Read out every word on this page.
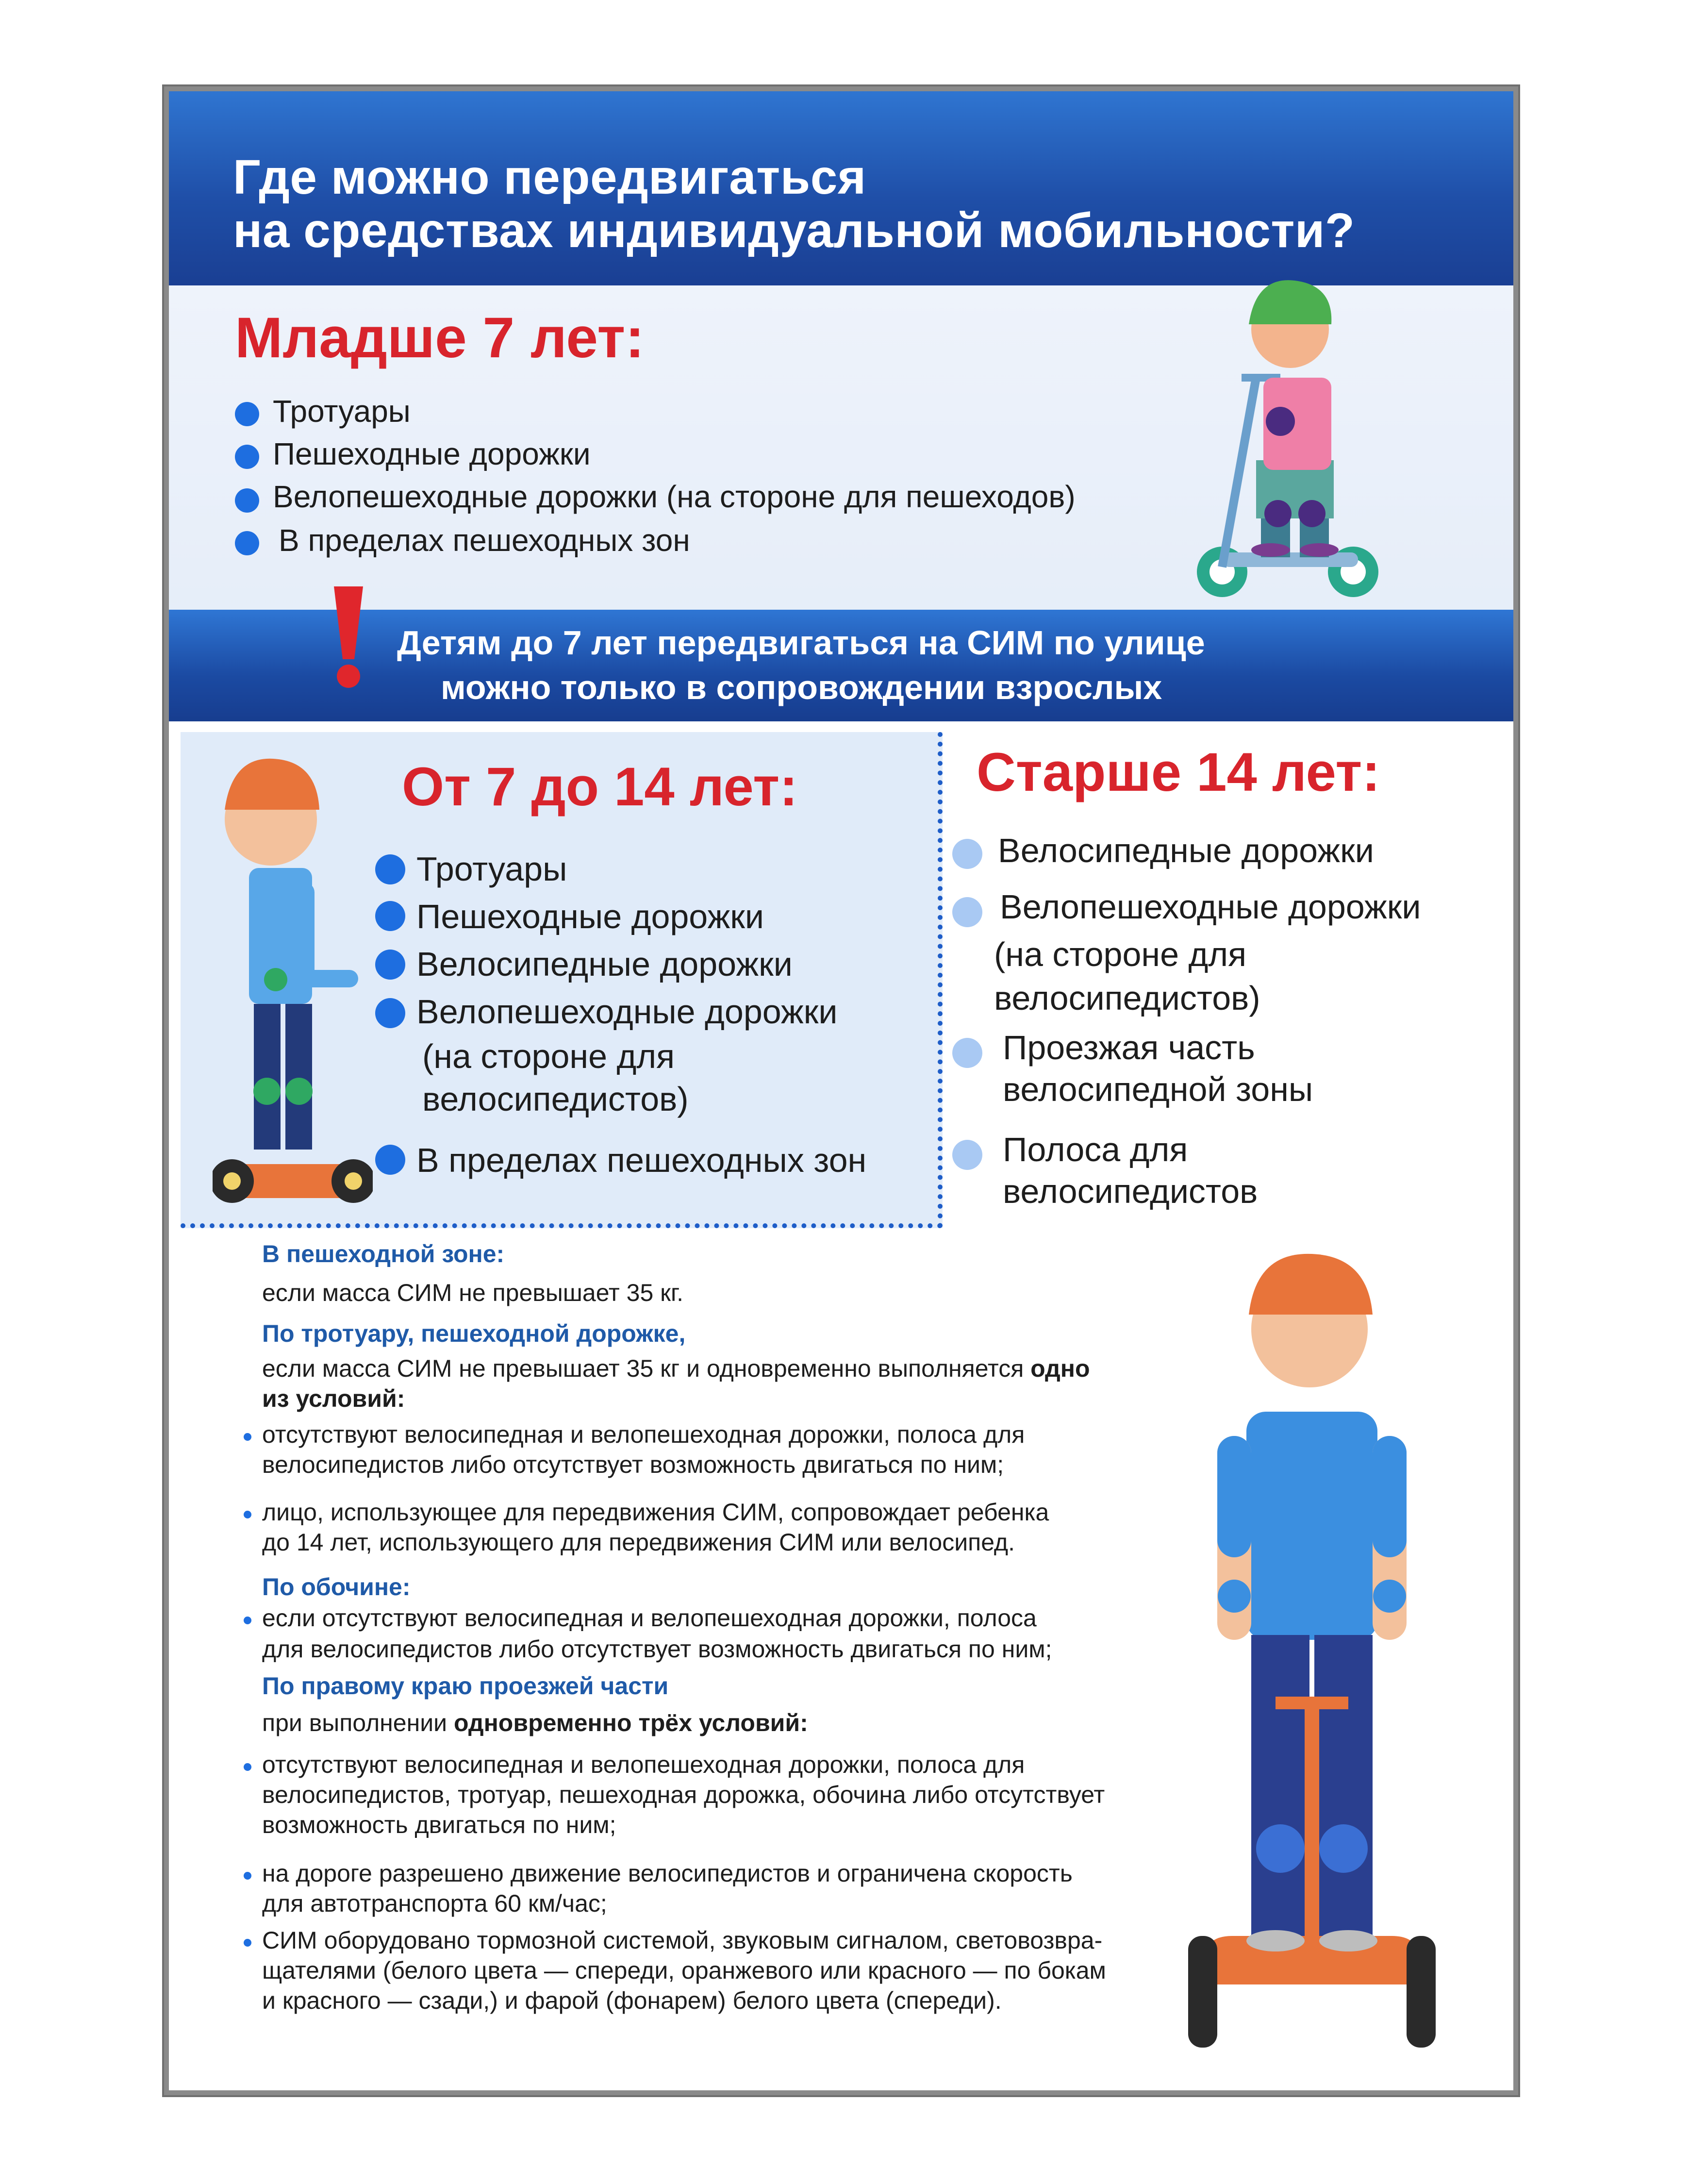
Где можно передвигаться
на средствах индивидуальной мобильности?
Младше 7 лет:
Тротуары
Пешеходные дорожки
Велопешеходные дорожки (на стороне для пешеходов)
В пределах пешеходных зон
Детям до 7 лет передвигаться на СИМ по улице
можно только в сопровождении взрослых
От 7 до 14 лет:
Тротуары
Пешеходные дорожки
Велосипедные дорожки
Велопешеходные дорожки
(на стороне для
велосипедистов)
В пределах пешеходных зон
Старше 14 лет:
Велосипедные дорожки
Велопешеходные дорожки
(на стороне для
велосипедистов)
Проезжая часть
велосипедной зоны
Полоса для
велосипедистов
В пешеходной зоне:
если масса СИМ не превышает 35 кг.
По тротуару, пешеходной дорожке,
если масса СИМ не превышает 35 кг и одновременно выполняется одно
из условий:
отсутствуют велосипедная и велопешеходная дорожки, полоса для
велосипедистов либо отсутствует возможность двигаться по ним;
лицо, использующее для передвижения СИМ, сопровождает ребенка
до 14 лет, использующего для передвижения СИМ или велосипед.
По обочине:
если отсутствуют велосипедная и велопешеходная дорожки, полоса
для велосипедистов либо отсутствует возможность двигаться по ним;
По правому краю проезжей части
при выполнении одновременно трёх условий:
отсутствуют велосипедная и велопешеходная дорожки, полоса для
велосипедистов, тротуар, пешеходная дорожка, обочина либо отсутствует
возможность двигаться по ним;
на дороге разрешено движение велосипедистов и ограничена скорость
для автотранспорта 60 км/час;
СИМ оборудовано тормозной системой, звуковым сигналом, световозвра-
щателями (белого цвета — спереди, оранжевого или красного — по бокам
и красного — сзади,) и фарой (фонарем) белого цвета (спереди).
